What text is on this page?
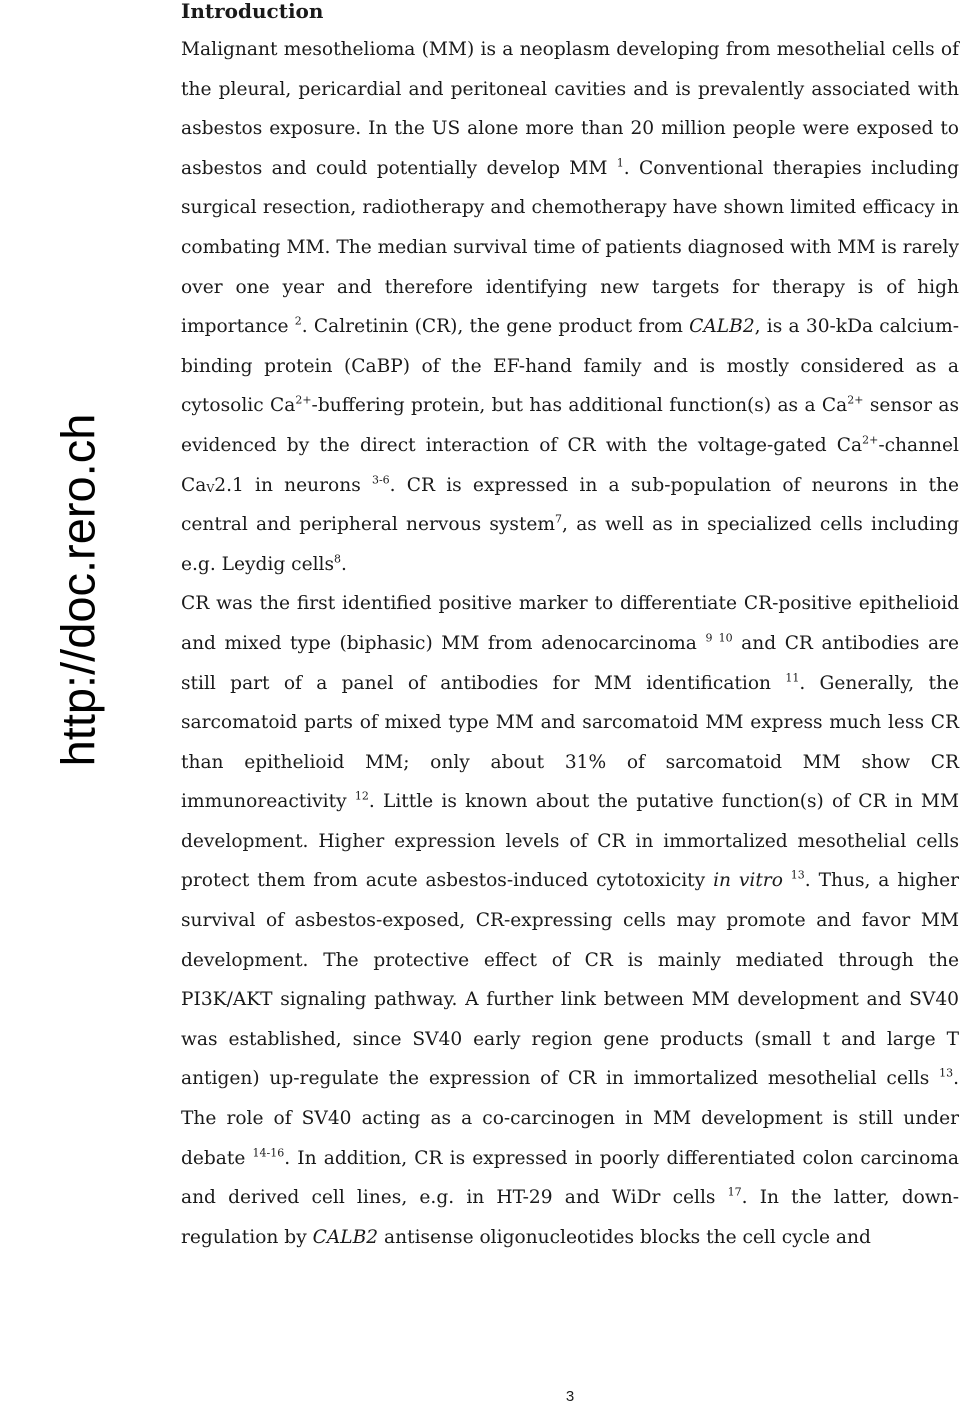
http://doc.rero.ch
Introduction

Malignant mesothelioma (MM) is a neoplasm developing from mesothelial cells of the pleural, pericardial and peritoneal cavities and is prevalently associated with asbestos exposure. In the US alone more than 20 million people were exposed to asbestos and could potentially develop MM $^1$. Conventional therapies including surgical resection, radiotherapy and chemotherapy have shown limited efficacy in combating MM. The median survival time of patients diagnosed with MM is rarely over one year and therefore identifying new targets for therapy is of high importance $^2$. Calretinin (CR), the gene product from CALB2, is a 30-kDa calcium-binding protein (CaBP) of the EF-hand family and is mostly considered as a cytosolic $Ca^{2+}$-buffering protein, but has additional function(s) as a $Ca^{2+}$ sensor as evidenced by the direct interaction of CR with the voltage-gated $Ca^{2+}$-channel $Ca_V2.1$ in neurons $^{3-6}$. CR is expressed in a sub-population of neurons in the central and peripheral nervous system$^7$, as well as in specialized cells including e.g. Leydig cells$^8$.

CR was the first identified positive marker to differentiate CR-positive epithelioid and mixed type (biphasic) MM from adenocarcinoma $^{9 10}$ and CR antibodies are still part of a panel of antibodies for MM identification $^{11}$. Generally, the sarcomatoid parts of mixed type MM and sarcomatoid MM express much less CR than epithelioid MM; only about 31% of sarcomatoid MM show CR immunoreactivity $^{12}$. Little is known about the putative function(s) of CR in MM development. Higher expression levels of CR in immortalized mesothelial cells protect them from acute asbestos-induced cytotoxicity in vitro $^{13}$. Thus, a higher survival of asbestos-exposed, CR-expressing cells may promote and favor MM development. The protective effect of CR is mainly mediated through the PI3K/AKT signaling pathway. A further link between MM development and SV40 was established, since SV40 early region gene products (small t and large T antigen) up-regulate the expression of CR in immortalized mesothelial cells $^{13}$. The role of SV40 acting as a co-carcinogen in MM development is still under debate $^{14-16}$. In addition, CR is expressed in poorly differentiated colon carcinoma and derived cell lines, e.g. in HT-29 and WiDr cells $^{17}$. In the latter, down-regulation by CALB2 antisense oligonucleotides blocks the cell cycle and

3
